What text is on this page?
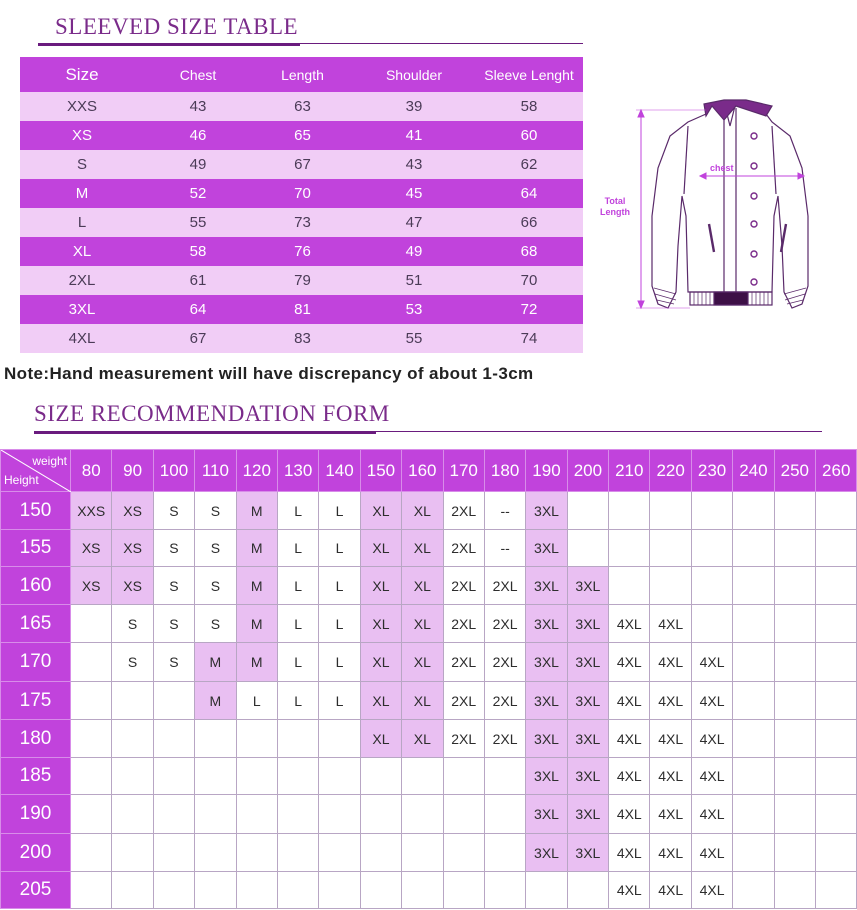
SLEEVED SIZE TABLE
Size	Chest	Length	Shoulder	Sleeve Lenght
XXS	43	63	39	58
XS	46	65	41	60
S	49	67	43	62
M	52	70	45	64
L	55	73	47	66
XL	58	76	49	68
2XL	61	79	51	70
3XL	64	81	53	72
4XL	67	83	55	74
Note:Hand measurement will have discrepancy of about 1-3cm
chest
Total
Length
SIZE RECOMMENDATION FORM
weight
Height	80	90	100	110	120	130	140	150	160	170	180	190	200	210	220	230	240	250	260
150	XXS	XS	S	S	M	L	L	XL	XL	2XL	--	3XL							
155	XS	XS	S	S	M	L	L	XL	XL	2XL	--	3XL							
160	XS	XS	S	S	M	L	L	XL	XL	2XL	2XL	3XL	3XL						
165		S	S	S	M	L	L	XL	XL	2XL	2XL	3XL	3XL	4XL	4XL				
170		S	S	M	M	L	L	XL	XL	2XL	2XL	3XL	3XL	4XL	4XL	4XL			
175				M	L	L	L	XL	XL	2XL	2XL	3XL	3XL	4XL	4XL	4XL			
180								XL	XL	2XL	2XL	3XL	3XL	4XL	4XL	4XL			
185												3XL	3XL	4XL	4XL	4XL			
190												3XL	3XL	4XL	4XL	4XL			
200												3XL	3XL	4XL	4XL	4XL			
205														4XL	4XL	4XL			
